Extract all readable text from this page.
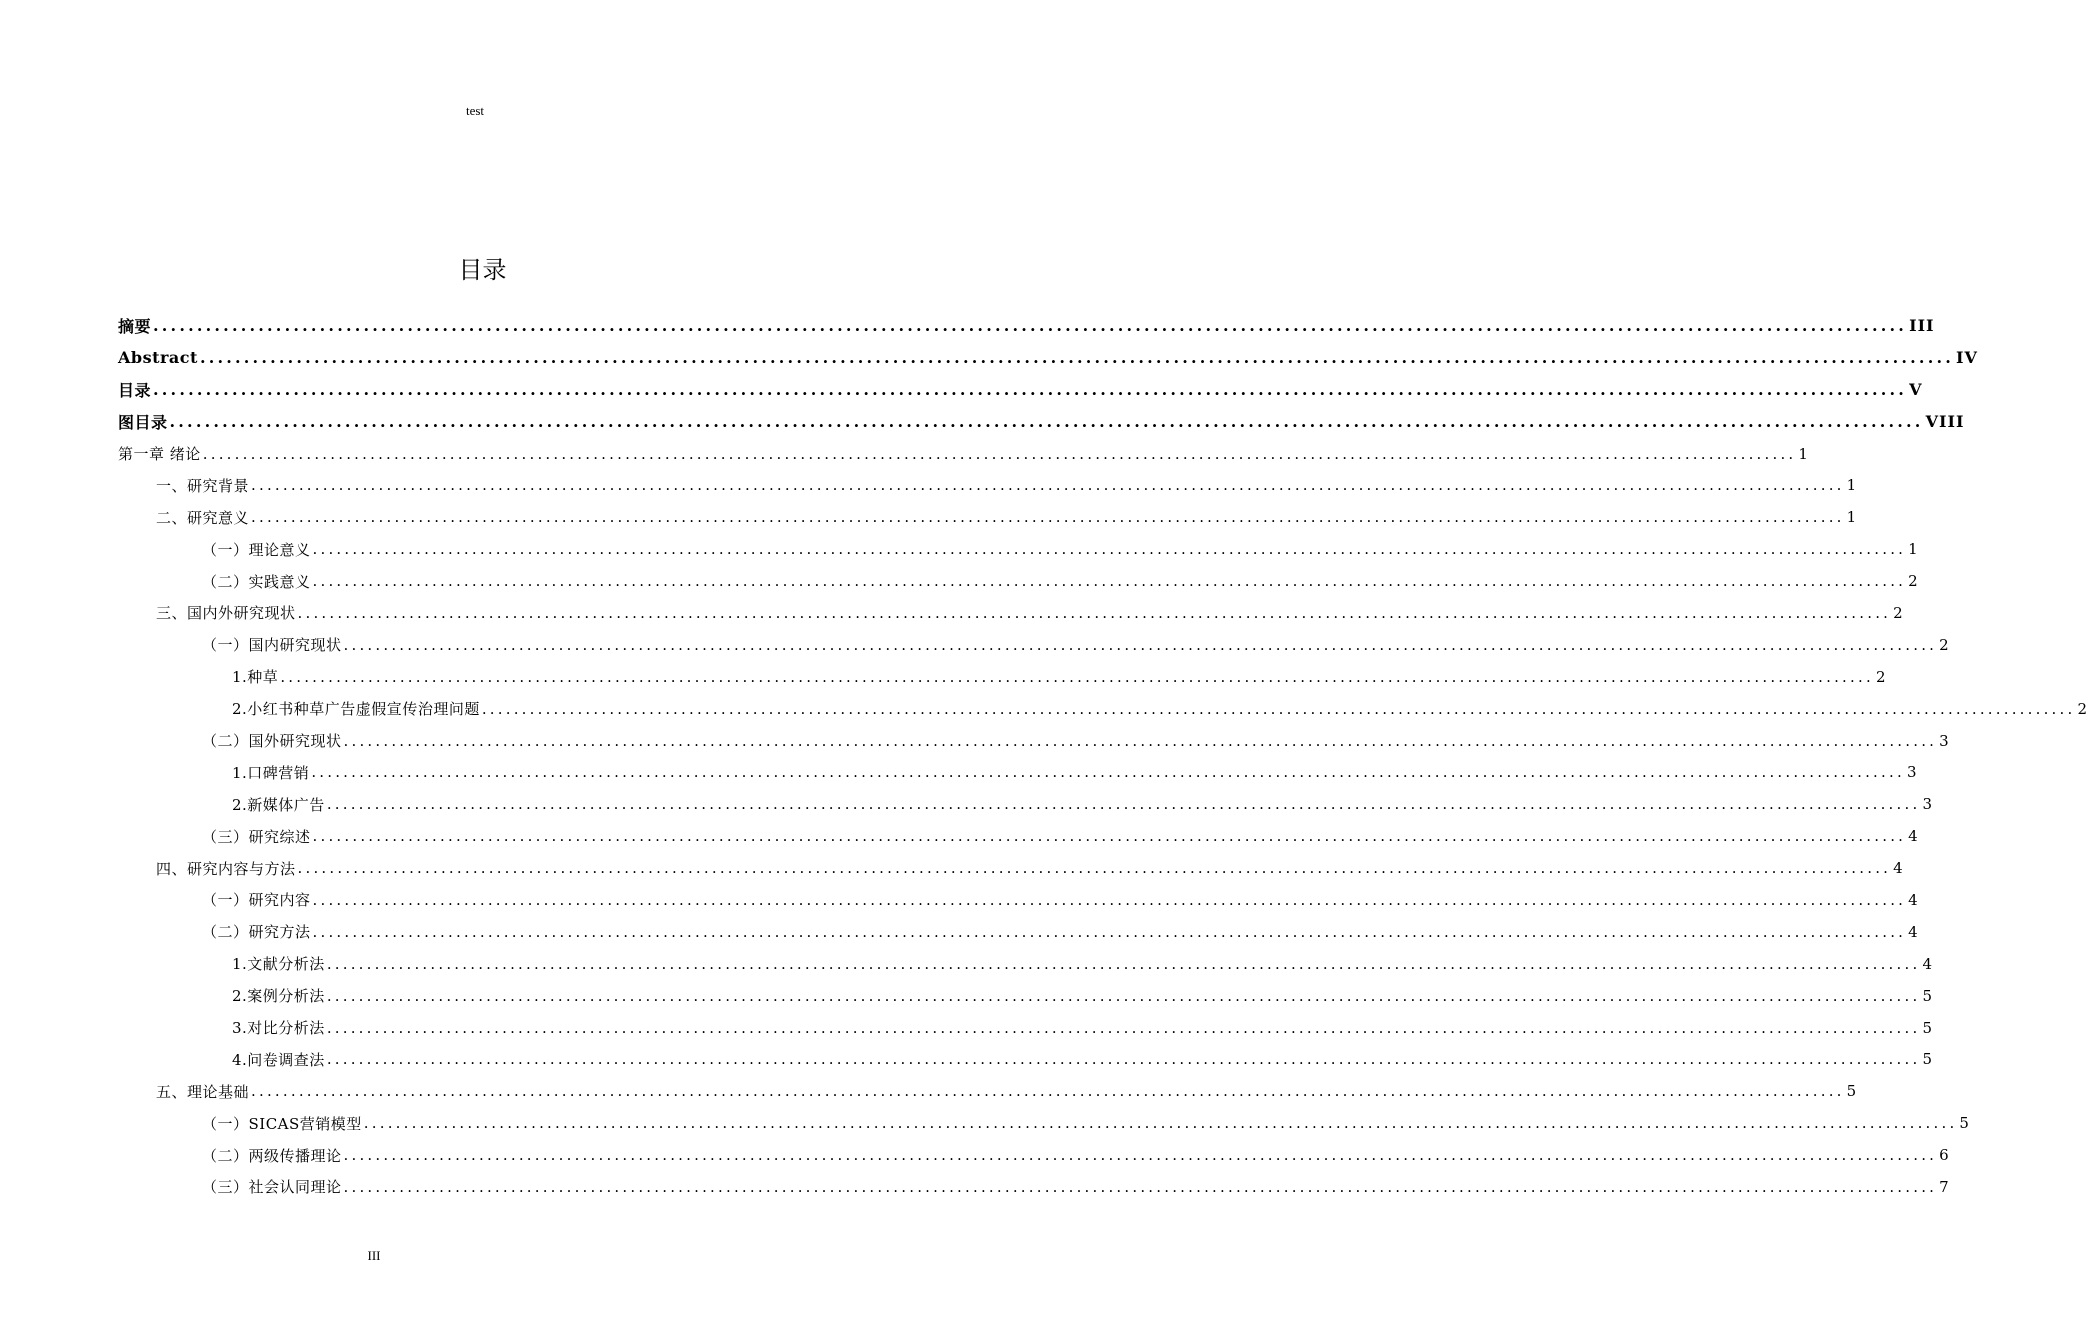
test
目录
摘要 ........................................................................................................................................................................................................ III
Abstract ........................................................................................................................................................................................................ IV
目录 ........................................................................................................................................................................................................ V
图目录 ........................................................................................................................................................................................................ VIII
第一章 绪论 ........................................................................................................................................................................................................ 1
一、研究背景 ........................................................................................................................................................................................................ 1
二、研究意义 ........................................................................................................................................................................................................ 1
（一）理论意义 ........................................................................................................................................................................................................ 1
（二）实践意义 ........................................................................................................................................................................................................ 2
三、国内外研究现状 ........................................................................................................................................................................................................ 2
（一）国内研究现状 ........................................................................................................................................................................................................ 2
1.种草 ........................................................................................................................................................................................................ 2
2.小红书种草广告虚假宣传治理问题 ........................................................................................................................................................................................................ 2
（二）国外研究现状 ........................................................................................................................................................................................................ 3
1.口碑营销 ........................................................................................................................................................................................................ 3
2.新媒体广告 ........................................................................................................................................................................................................ 3
（三）研究综述 ........................................................................................................................................................................................................ 4
四、研究内容与方法 ........................................................................................................................................................................................................ 4
（一）研究内容 ........................................................................................................................................................................................................ 4
（二）研究方法 ........................................................................................................................................................................................................ 4
1.文献分析法 ........................................................................................................................................................................................................ 4
2.案例分析法 ........................................................................................................................................................................................................ 5
3.对比分析法 ........................................................................................................................................................................................................ 5
4.问卷调查法 ........................................................................................................................................................................................................ 5
五、理论基础 ........................................................................................................................................................................................................ 5
（一）SICAS营销模型 ........................................................................................................................................................................................................ 5
（二）两级传播理论 ........................................................................................................................................................................................................ 6
（三）社会认同理论 ........................................................................................................................................................................................................ 7
III
